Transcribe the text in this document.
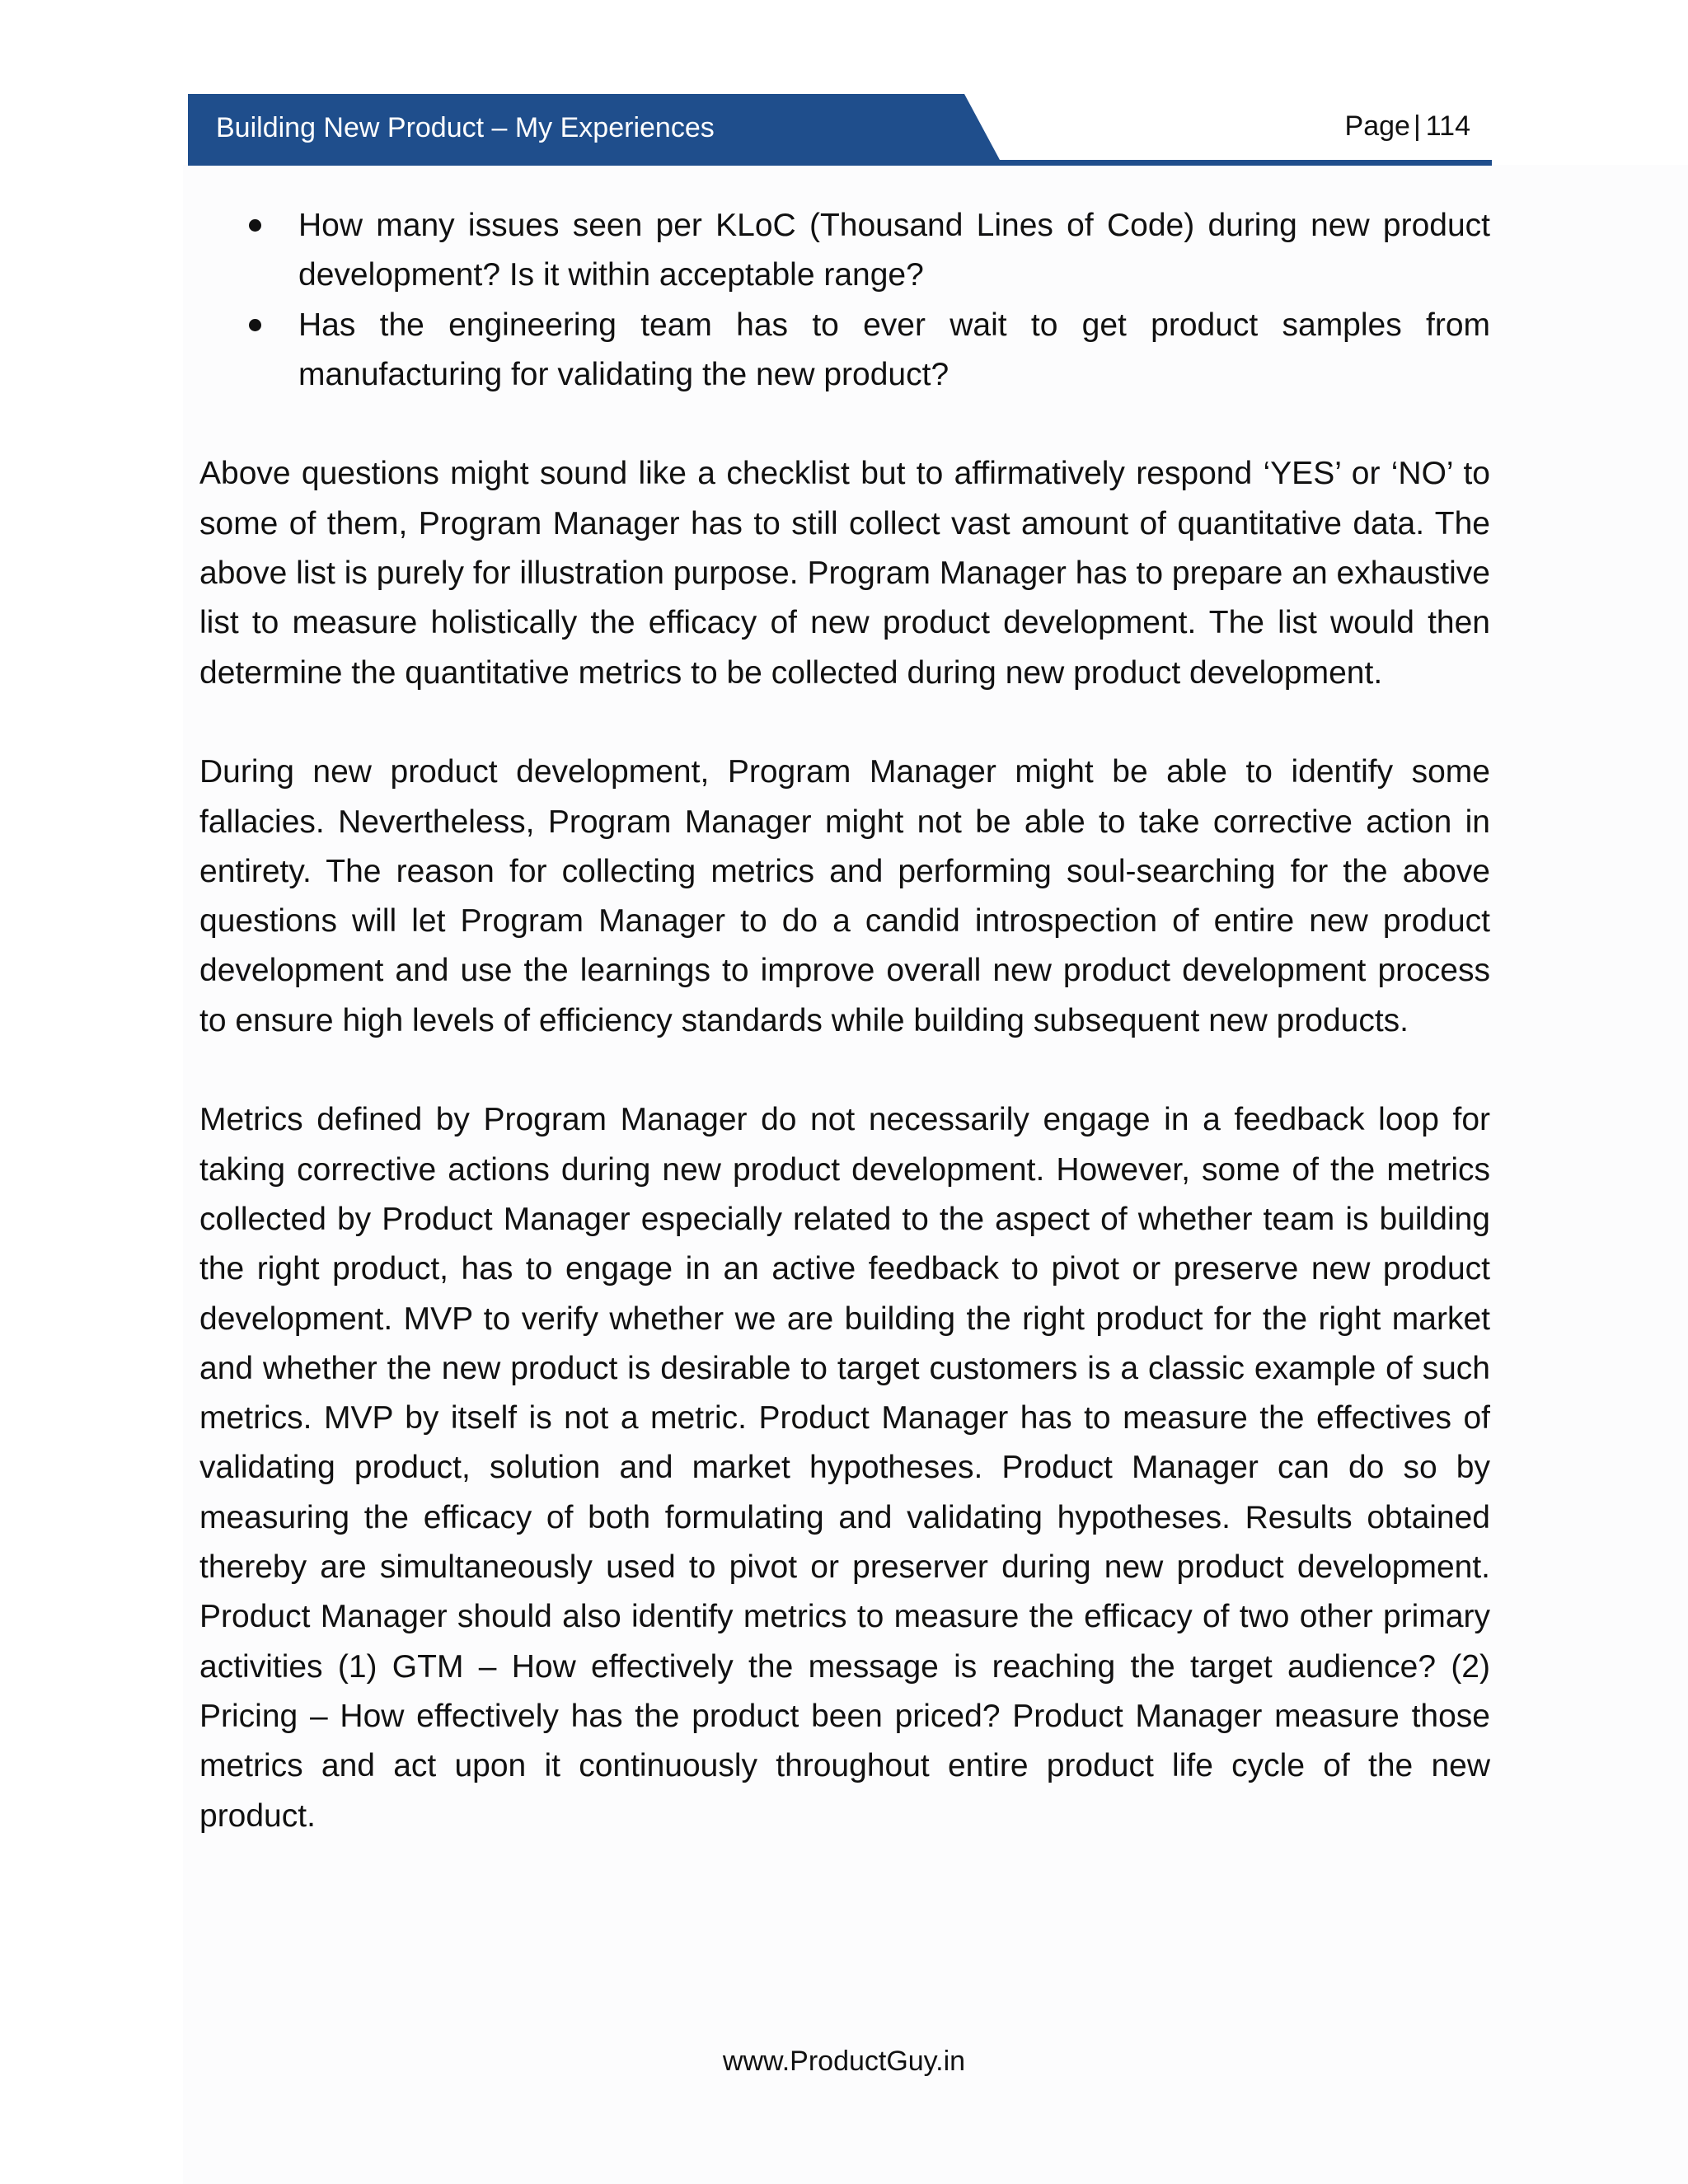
Building New Product – My Experiences	Page | 114
How many issues seen per KLoC (Thousand Lines of Code) during new product development? Is it within acceptable range?
Has the engineering team has to ever wait to get product samples from manufacturing for validating the new product?

Above questions might sound like a checklist but to affirmatively respond ‘YES’ or ‘NO’ to some of them, Program Manager has to still collect vast amount of quantitative data. The above list is purely for illustration purpose. Program Manager has to prepare an exhaustive list to measure holistically the efficacy of new product development. The list would then determine the quantitative metrics to be collected during new product development.

During new product development, Program Manager might be able to identify some fallacies. Nevertheless, Program Manager might not be able to take corrective action in entirety. The reason for collecting metrics and performing soul-searching for the above questions will let Program Manager to do a candid introspection of entire new product development and use the learnings to improve overall new product development process to ensure high levels of efficiency standards while building subsequent new products.

Metrics defined by Program Manager do not necessarily engage in a feedback loop for taking corrective actions during new product development. However, some of the metrics collected by Product Manager especially related to the aspect of whether team is building the right product, has to engage in an active feedback to pivot or preserve new product development. MVP to verify whether we are building the right product for the right market and whether the new product is desirable to target customers is a classic example of such metrics. MVP by itself is not a metric. Product Manager has to measure the effectives of validating product, solution and market hypotheses. Product Manager can do so by measuring the efficacy of both formulating and validating hypotheses. Results obtained thereby are simultaneously used to pivot or preserver during new product development. Product Manager should also identify metrics to measure the efficacy of two other primary activities (1) GTM – How effectively the message is reaching the target audience? (2) Pricing – How effectively has the product been priced? Product Manager measure those metrics and act upon it continuously throughout entire product life cycle of the new product.

www.ProductGuy.in
